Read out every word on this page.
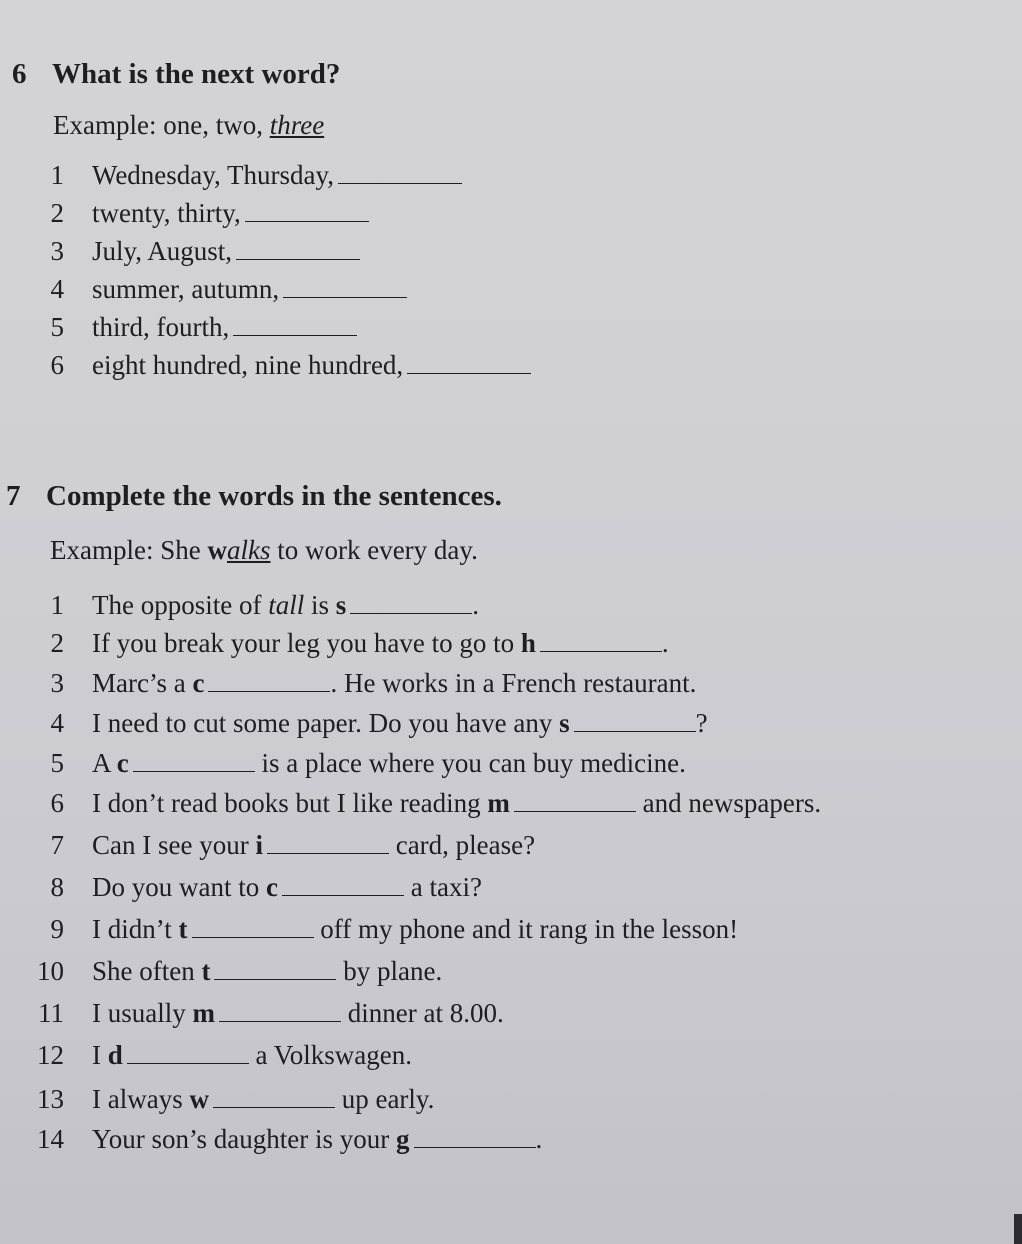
6 What is the next word?
Example: one, two, three
1 Wednesday, Thursday,
2 twenty, thirty,
3 July, August,
4 summer, autumn,
5 third, fourth,
6 eight hundred, nine hundred,
7 Complete the words in the sentences.
Example: She walks to work every day.
1 The opposite of tall is s	.
2 If you break your leg you have to go to h	.
3 Marc’s a c	. He works in a French restaurant.
4 I need to cut some paper. Do you have any s	?
5 A c	is a place where you can buy medicine.
6 I don’t read books but I like reading m	and newspapers.
7 Can I see your i	card, please?
8 Do you want to c	a taxi?
9 I didn’t t	off my phone and it rang in the lesson!
10 She often t	by plane.
11 I usually m	dinner at 8.00.
12 I d	a Volkswagen.
13 I always w	up early.
14 Your son’s daughter is your g	.
